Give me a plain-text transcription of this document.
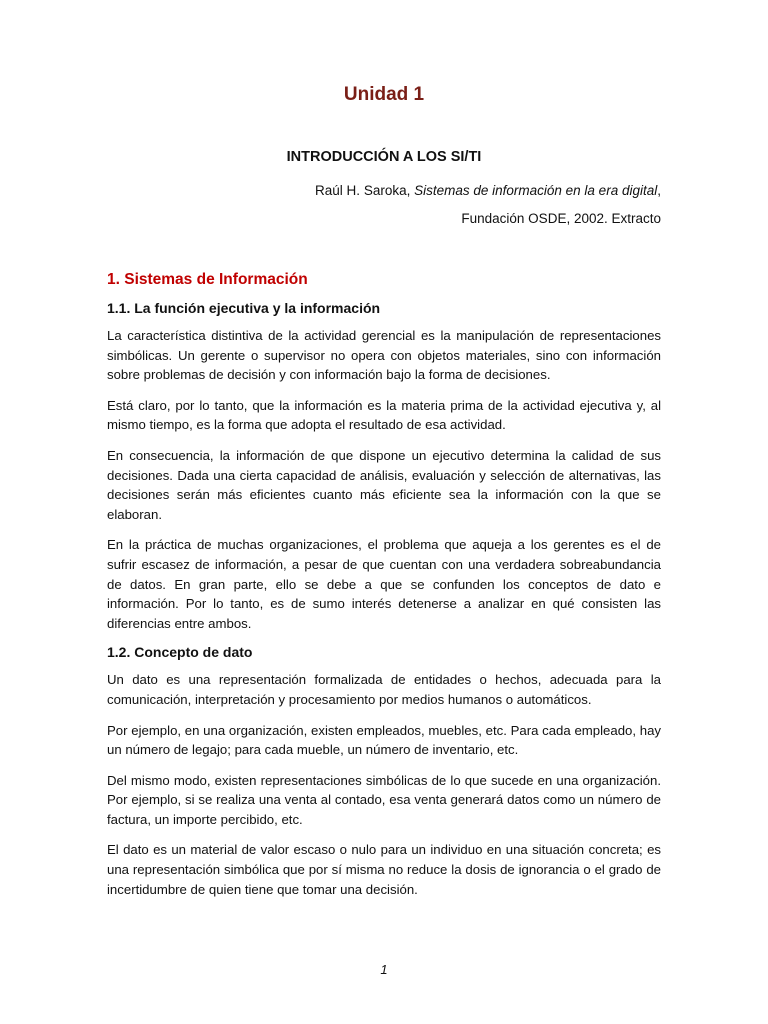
Unidad 1
INTRODUCCIÓN A LOS SI/TI
Raúl H. Saroka, Sistemas de información en la era digital,
Fundación OSDE, 2002. Extracto
1. Sistemas de Información
1.1. La función ejecutiva y la información

La característica distintiva de la actividad gerencial es la manipulación de representaciones simbólicas. Un gerente o supervisor no opera con objetos materiales, sino con información sobre problemas de decisión y con información bajo la forma de decisiones.

Está claro, por lo tanto, que la información es la materia prima de la actividad ejecutiva y, al mismo tiempo, es la forma que adopta el resultado de esa actividad.

En consecuencia, la información de que dispone un ejecutivo determina la calidad de sus decisiones. Dada una cierta capacidad de análisis, evaluación y selección de alternativas, las decisiones serán más eficientes cuanto más eficiente sea la información con la que se elaboran.

En la práctica de muchas organizaciones, el problema que aqueja a los gerentes es el de sufrir escasez de información, a pesar de que cuentan con una verdadera sobreabundancia de datos. En gran parte, ello se debe a que se confunden los conceptos de dato e información. Por lo tanto, es de sumo interés detenerse a analizar en qué consisten las diferencias entre ambos.

1.2. Concepto de dato

Un dato es una representación formalizada de entidades o hechos, adecuada para la comunicación, interpretación y procesamiento por medios humanos o automáticos.

Por ejemplo, en una organización, existen empleados, muebles, etc. Para cada empleado, hay un número de legajo; para cada mueble, un número de inventario, etc.

Del mismo modo, existen representaciones simbólicas de lo que sucede en una organización. Por ejemplo, si se realiza una venta al contado, esa venta generará datos como un número de factura, un importe percibido, etc.

El dato es un material de valor escaso o nulo para un individuo en una situación concreta; es una representación simbólica que por sí misma no reduce la dosis de ignorancia o el grado de incertidumbre de quien tiene que tomar una decisión.

1
